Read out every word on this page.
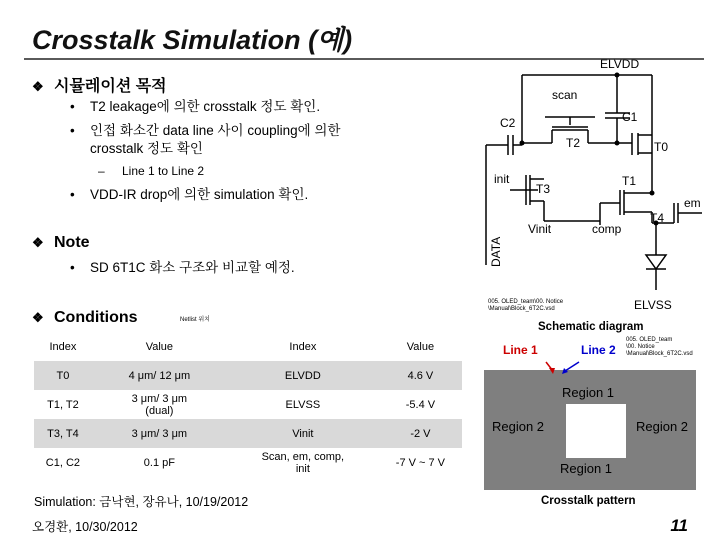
Crosstalk Simulation (예)
❖ 시뮬레이션 목적
• T2 leakage에 의한 crosstalk 정도 확인.
• 인접 화소간 data line 사이 coupling에 의한
crosstalk 정도 확인
– Line 1 to Line 2
• VDD-IR drop에 의한 simulation 확인.
❖ Note
• SD 6T1C 화소 구조와 비교할 예정.
❖ Conditions	Netlist 위치
Index	Value	Index	Value
T0	4 μm/ 12 μm	ELVDD	4.6 V
T1, T2	3 μm/ 3 μm (dual)	ELVSS	-5.4 V
T3, T4	3 μm/ 3 μm	Vinit	-2 V
C1, C2	0.1 pF	Scan, em, comp, init	-7 V ~ 7 V
Simulation: 금낙현, 장유나, 10/19/2012
오경환, 10/30/2012	11
ELVDD
scan
C1
C2
T2	T0
init
T3
T1
em
T4
Vinit	comp
DATA
ELVSS
005. OLED_team\00. Notice
\Manual\Block_6T2C.vsd
Schematic diagram
Line 1	Line 2
005. OLED_team
\00. Notice
\Manual\Block_6T2C.vsd
Region 1
Region 2	Region 2
Region 1
Crosstalk pattern
